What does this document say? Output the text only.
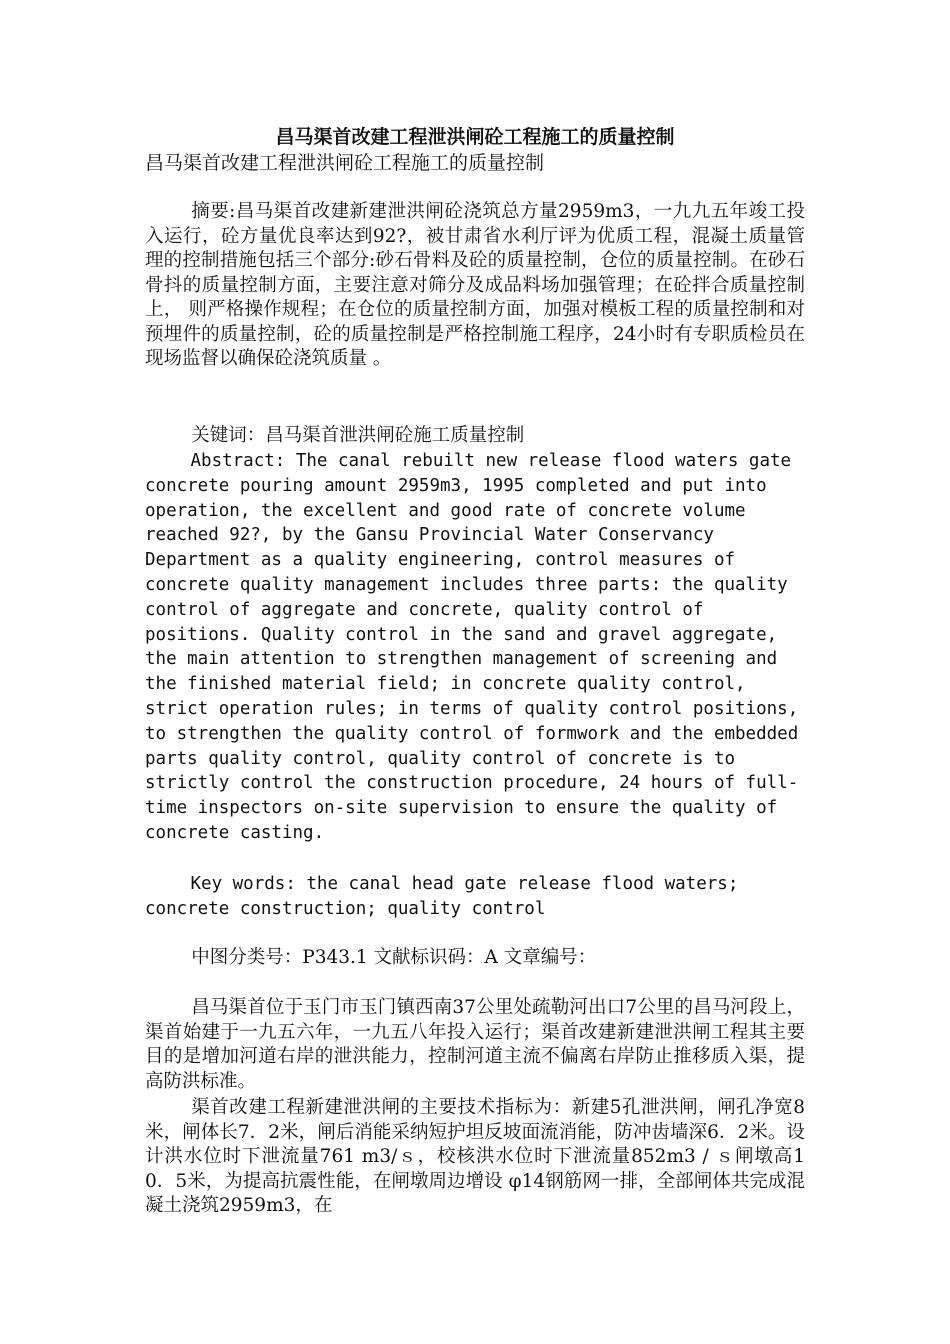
昌马渠首改建工程泄洪闸砼工程施工的质量控制
昌马渠首改建工程泄洪闸砼工程施工的质量控制
摘要:昌马渠首改建新建泄洪闸砼浇筑总方量2959m3，一九九五年竣工投入运行，砼方量优良率达到92?，被甘肃省水利厅评为优质工程，混凝土质量管理的控制措施包括三个部分:砂石骨料及砼的质量控制，仓位的质量控制。在砂石骨抖的质量控制方面，主要注意对筛分及成品料场加强管理；在砼拌合质量控制上， 则严格操作规程；在仓位的质量控制方面，加强对模板工程的质量控制和对预埋件的质量控制，砼的质量控制是严格控制施工程序，24小时有专职质检员在现场监督以确保砼浇筑质量 。
关键词：昌马渠首泄洪闸砼施工质量控制
Abstract: The canal rebuilt new release flood waters gate concrete pouring amount 2959m3, 1995 completed and put into operation, the excellent and good rate of concrete volume reached 92?, by the Gansu Provincial Water Conservancy Department as a quality engineering, control measures of concrete quality management includes three parts: the quality control of aggregate and concrete, quality control of positions. Quality control in the sand and gravel aggregate, the main attention to strengthen management of screening and the finished material field; in concrete quality control, strict operation rules; in terms of quality control positions, to strengthen the quality control of formwork and the embedded parts quality control, quality control of concrete is to strictly control the construction procedure, 24 hours of full-time inspectors on-site supervision to ensure the quality of concrete casting.
Key words: the canal head gate release flood waters; concrete construction; quality control
中图分类号：P343.1 文献标识码：A 文章编号：
昌马渠首位于玉门市玉门镇西南37公里处疏勒河出口7公里的昌马河段上，渠首始建于一九五六年，一九五八年投入运行；渠首改建新建泄洪闸工程其主要目的是增加河道右岸的泄洪能力，控制河道主流不偏离右岸防止推移质入渠，提高防洪标准。
渠首改建工程新建泄洪闸的主要技术指标为：新建5孔泄洪闸，闸孔净宽8米，闸体长7．2米，闸后消能采纳短护坦反坡面流消能，防冲齿墙深6．2米。设计洪水位时下泄流量761 m3/ｓ，校核洪水位时下泄流量852m3 / ｓ闸墩高10．5米，为提高抗震性能，在闸墩周边增设 φ14钢筋网一排，全部闸体共完成混凝土浇筑2959m3，在
